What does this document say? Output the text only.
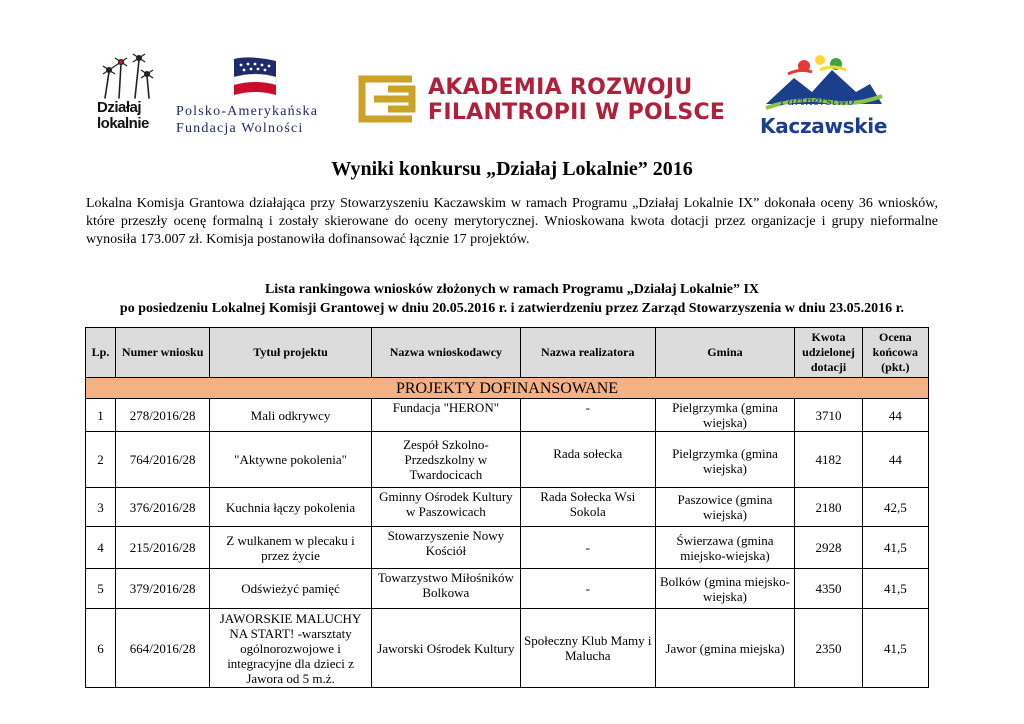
Działaj
lokalnie
Polsko-Amerykańska
Fundacja Wolności
AKADEMIA ROZWOJU
FILANTROPII W POLSCE	Partnerstwo
Kaczawskie
Wyniki konkursu „Działaj Lokalnie” 2016
Lokalna Komisja Grantowa działająca przy Stowarzyszeniu Kaczawskim w ramach Programu „Działaj Lokalnie IX” dokonała oceny 36 wniosków, które przeszły ocenę formalną i zostały skierowane do oceny merytorycznej. Wnioskowana kwota dotacji przez organizacje i grupy nieformalne wynosiła 173.007 zł. Komisja postanowiła dofinansować łącznie 17 projektów.
Lista rankingowa wniosków złożonych w ramach Programu „Działaj Lokalnie” IX
po posiedzeniu Lokalnej Komisji Grantowej w dniu 20.05.2016 r. i zatwierdzeniu przez Zarząd Stowarzyszenia w dniu 23.05.2016 r.
Lp.	Numer wniosku	Tytuł projektu	Nazwa wnioskodawcy	Nazwa realizatora	Gmina	Kwota udzielonej dotacji	Ocena końcowa (pkt.)
PROJEKTY DOFINANSOWANE							
1	278/2016/28	Mali odkrywcy	Fundacja "HERON"	-	Pielgrzymka (gmina wiejska)	3710	44
2	764/2016/28	"Aktywne pokolenia"	Zespół Szkolno-Przedszkolny w Twardocicach	Rada sołecka	Pielgrzymka (gmina wiejska)	4182	44
3	376/2016/28	Kuchnia łączy pokolenia	Gminny Ośrodek Kultury w Paszowicach	Rada Sołecka Wsi Sokola	Paszowice (gmina wiejska)	2180	42,5
4	215/2016/28	Z wulkanem w plecaku i przez życie	Stowarzyszenie Nowy Kościół	-	Świerzawa (gmina miejsko-wiejska)	2928	41,5
5	379/2016/28	Odświeżyć pamięć	Towarzystwo Miłośników Bolkowa	-	Bolków (gmina miejsko-wiejska)	4350	41,5
6	664/2016/28	JAWORSKIE MALUCHY NA START! -warsztaty ogólnorozwojowe i integracyjne dla dzieci z Jawora od 5 m.ż.	Jaworski Ośrodek Kultury	Społeczny Klub Mamy i Malucha	Jawor (gmina miejska)	2350	41,5
